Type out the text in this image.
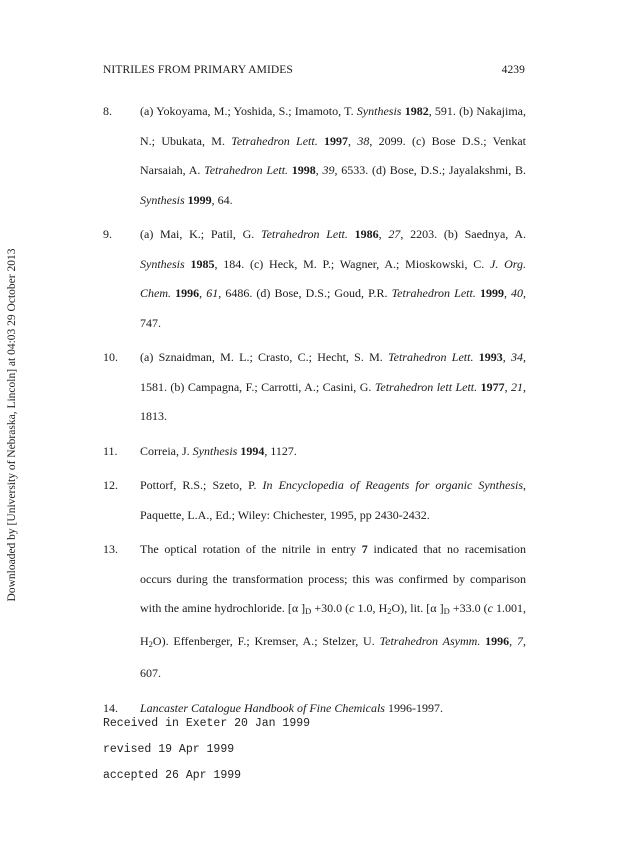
Downloaded by [University of Nebraska, Lincoln] at 04:03 29 October 2013
NITRILES FROM PRIMARY AMIDES	4239
8. (a) Yokoyama, M.; Yoshida, S.; Imamoto, T. Synthesis 1982, 591. (b) Nakajima, N.; Ubukata, M. Tetrahedron Lett. 1997, 38, 2099. (c) Bose D.S.; Venkat Narsaiah, A. Tetrahedron Lett. 1998, 39, 6533. (d) Bose, D.S.; Jayalakshmi, B. Synthesis 1999, 64.
9. (a) Mai, K.; Patil, G. Tetrahedron Lett. 1986, 27, 2203. (b) Saednya, A. Synthesis 1985, 184. (c) Heck, M. P.; Wagner, A.; Mioskowski, C. J. Org. Chem. 1996, 61, 6486. (d) Bose, D.S.; Goud, P.R. Tetrahedron Lett. 1999, 40, 747.
10. (a) Sznaidman, M. L.; Crasto, C.; Hecht, S. M. Tetrahedron Lett. 1993, 34, 1581. (b) Campagna, F.; Carrotti, A.; Casini, G. Tetrahedron lett Lett. 1977, 21, 1813.
11. Correia, J. Synthesis 1994, 1127.
12. Pottorf, R.S.; Szeto, P. In Encyclopedia of Reagents for organic Synthesis, Paquette, L.A., Ed.; Wiley: Chichester, 1995, pp 2430-2432.
13. The optical rotation of the nitrile in entry 7 indicated that no racemisation occurs during the transformation process; this was confirmed by comparison with the amine hydrochloride. [α ]$_D +30.0$ (c 1.0, $H_2O$), lit. [α ]$_D +33.0$ (c 1.001, $H_2O$). Effenberger, F.; Kremser, A.; Stelzer, U. Tetrahedron Asymm. 1996, 7, 607.
14. Lancaster Catalogue Handbook of Fine Chemicals 1996-1997.
Received in Exeter 20 Jan 1999
revised 19 Apr 1999
accepted 26 Apr 1999
